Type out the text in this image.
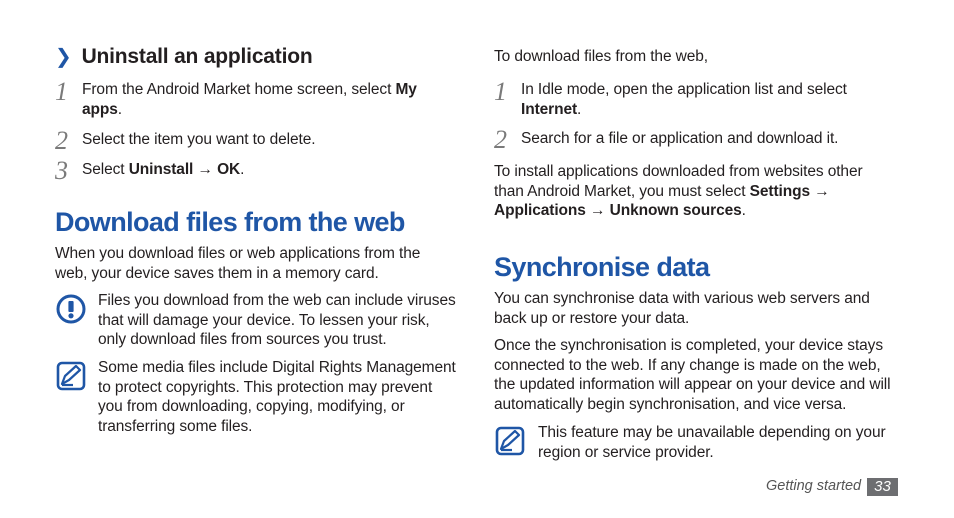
❯ Uninstall an application
1 From the Android Market home screen, select My apps.
2 Select the item you want to delete.
3 Select Uninstall → OK.
Download files from the web
When you download files or web applications from the web, your device saves them in a memory card.
Files you download from the web can include viruses that will damage your device. To lessen your risk, only download files from sources you trust.
Some media files include Digital Rights Management to protect copyrights. This protection may prevent you from downloading, copying, modifying, or transferring some files.
To download files from the web,
1 In Idle mode, open the application list and select Internet.
2 Search for a file or application and download it.
To install applications downloaded from websites other than Android Market, you must select Settings → Applications → Unknown sources.
Synchronise data
You can synchronise data with various web servers and back up or restore your data.
Once the synchronisation is completed, your device stays connected to the web. If any change is made on the web, the updated information will appear on your device and will automatically begin synchronisation, and vice versa.
This feature may be unavailable depending on your region or service provider.
Getting started 33
